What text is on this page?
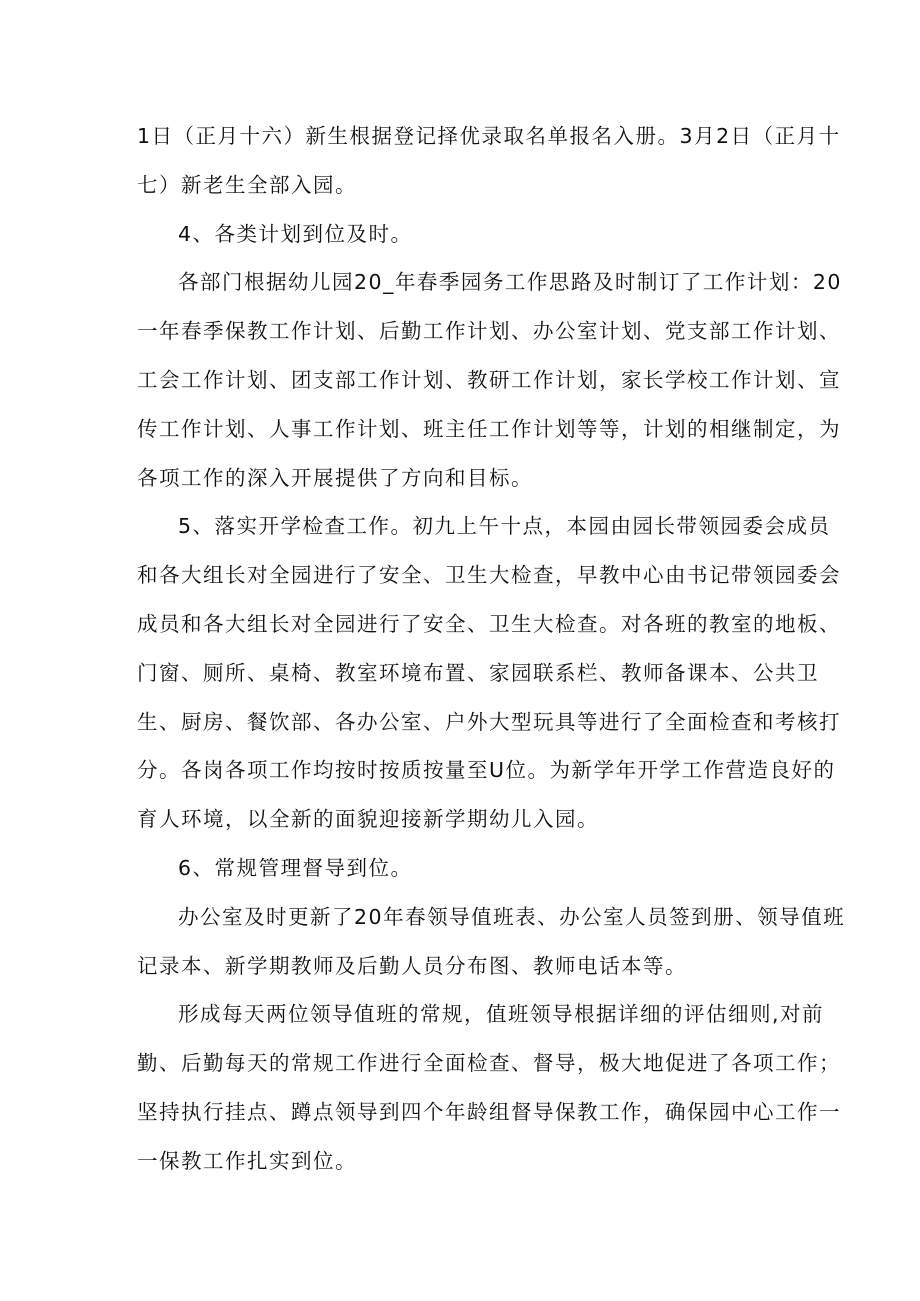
1日（正月十六）新生根据登记择优录取名单报名入册。3月2日（正月十
七）新老生全部入园。
4、各类计划到位及时。
各部门根据幼儿园20_年春季园务工作思路及时制订了工作计划：20
一年春季保教工作计划、后勤工作计划、办公室计划、党支部工作计划、
工会工作计划、团支部工作计划、教研工作计划，家长学校工作计划、宣
传工作计划、人事工作计划、班主任工作计划等等，计划的相继制定，为
各项工作的深入开展提供了方向和目标。
5、落实开学检查工作。初九上午十点，本园由园长带领园委会成员
和各大组长对全园进行了安全、卫生大检查，早教中心由书记带领园委会
成员和各大组长对全园进行了安全、卫生大检查。对各班的教室的地板、
门窗、厕所、桌椅、教室环境布置、家园联系栏、教师备课本、公共卫
生、厨房、餐饮部、各办公室、户外大型玩具等进行了全面检查和考核打
分。各岗各项工作均按时按质按量至U位。为新学年开学工作营造良好的
育人环境，以全新的面貌迎接新学期幼儿入园。
6、常规管理督导到位。
办公室及时更新了20年春领导值班表、办公室人员签到册、领导值班
记录本、新学期教师及后勤人员分布图、教师电话本等。
形成每天两位领导值班的常规，值班领导根据详细的评估细则,对前
勤、后勤每天的常规工作进行全面检查、督导，极大地促进了各项工作；
坚持执行挂点、蹲点领导到四个年龄组督导保教工作，确保园中心工作一
一保教工作扎实到位。
